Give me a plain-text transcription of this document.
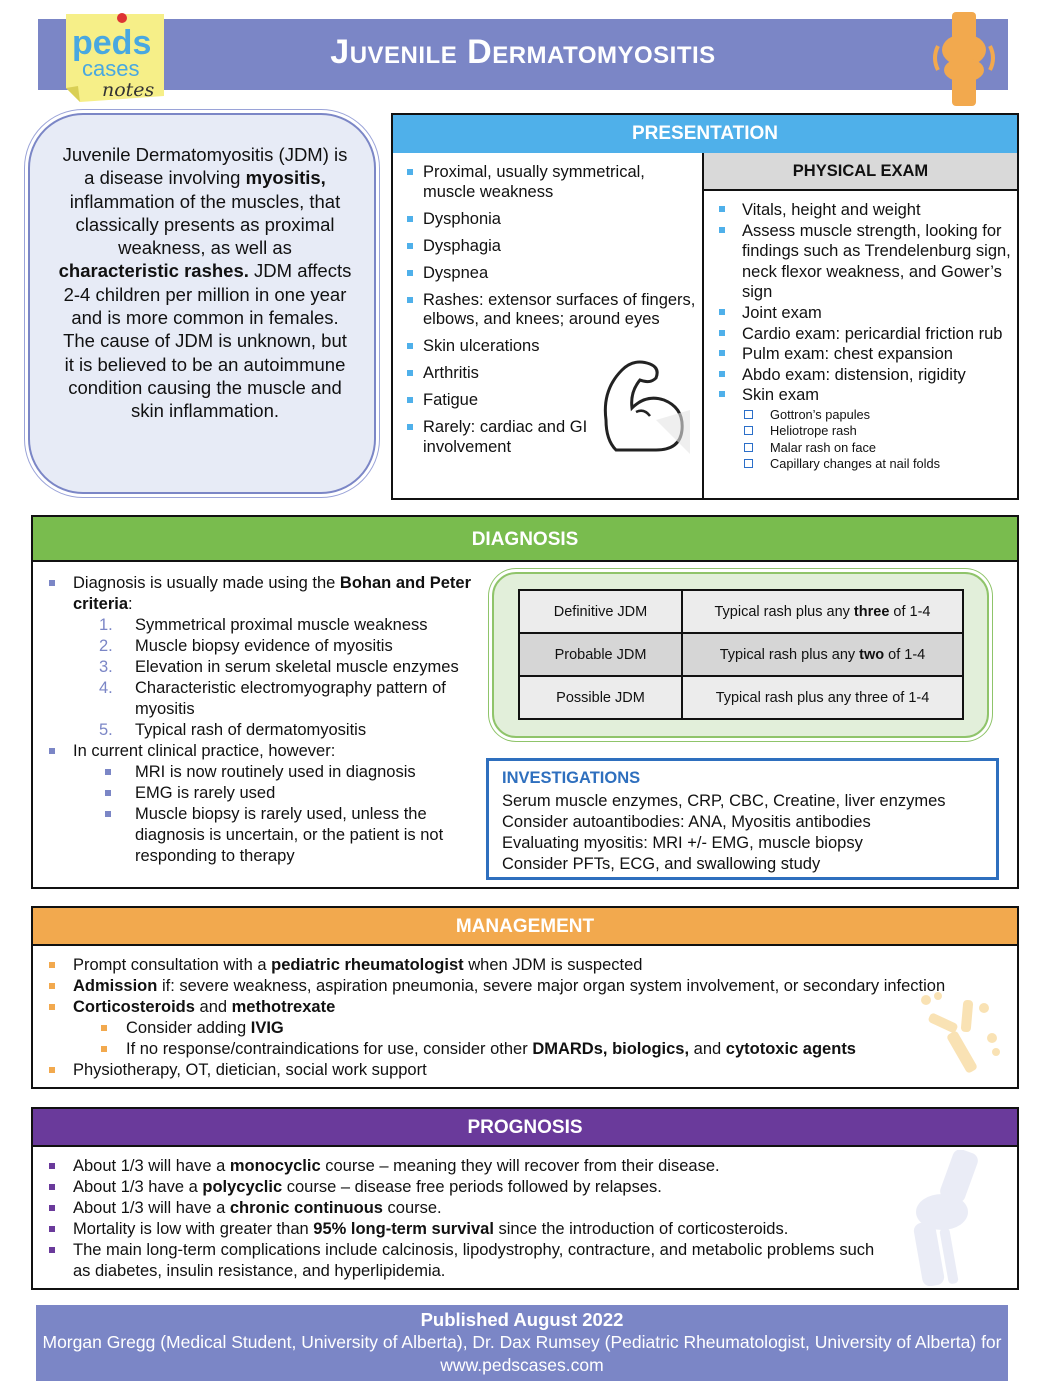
Juvenile Dermatomyositis
peds
cases
notes
Juvenile Dermatomyositis (JDM) is a disease involving myositis, inflammation of the muscles, that classically presents as proximal weakness, as well as characteristic rashes. JDM affects 2-4 children per million in one year and is more common in females. The cause of JDM is unknown, but it is believed to be an autoimmune condition causing the muscle and skin inflammation.
PRESENTATION
Proximal, usually symmetrical, muscle weakness
Dysphonia
Dysphagia
Dyspnea
Rashes: extensor surfaces of fingers, elbows, and knees; around eyes
Skin ulcerations
Arthritis
Fatigue
Rarely: cardiac and GI involvement
PHYSICAL EXAM
Vitals, height and weight
Assess muscle strength, looking for findings such as Trendelenburg sign, neck flexor weakness, and Gower’s sign
Joint exam
Cardio exam: pericardial friction rub
Pulm exam: chest expansion
Abdo exam: distension, rigidity
Skin exam
Gottron’s papules
Heliotrope rash
Malar rash on face
Capillary changes at nail folds
DIAGNOSIS
Diagnosis is usually made using the Bohan and Peter criteria:
1. Symmetrical proximal muscle weakness
2. Muscle biopsy evidence of myositis
3. Elevation in serum skeletal muscle enzymes
4. Characteristic electromyography pattern of myositis
5. Typical rash of dermatomyositis
In current clinical practice, however:
MRI is now routinely used in diagnosis
EMG is rarely used
Muscle biopsy is rarely used, unless the diagnosis is uncertain, or the patient is not responding to therapy
Definitive JDM	Typical rash plus any three of 1-4
Probable JDM	Typical rash plus any two of 1-4
Possible JDM	Typical rash plus any three of 1-4
INVESTIGATIONS
Serum muscle enzymes, CRP, CBC, Creatine, liver enzymes
Consider autoantibodies: ANA, Myositis antibodies
Evaluating myositis: MRI +/- EMG, muscle biopsy
Consider PFTs, ECG, and swallowing study
MANAGEMENT
Prompt consultation with a pediatric rheumatologist when JDM is suspected
Admission if: severe weakness, aspiration pneumonia, severe major organ system involvement, or secondary infection
Corticosteroids and methotrexate
Consider adding IVIG
If no response/contraindications for use, consider other DMARDs, biologics, and cytotoxic agents
Physiotherapy, OT, dietician, social work support
PROGNOSIS
About 1/3 will have a monocyclic course – meaning they will recover from their disease.
About 1/3 have a polycyclic course – disease free periods followed by relapses.
About 1/3 will have a chronic continuous course.
Mortality is low with greater than 95% long-term survival since the introduction of corticosteroids.
The main long-term complications include calcinosis, lipodystrophy, contracture, and metabolic problems such as diabetes, insulin resistance, and hyperlipidemia.
Published August 2022
Morgan Gregg (Medical Student, University of Alberta), Dr. Dax Rumsey (Pediatric Rheumatologist, University of Alberta) for www.pedscases.com
